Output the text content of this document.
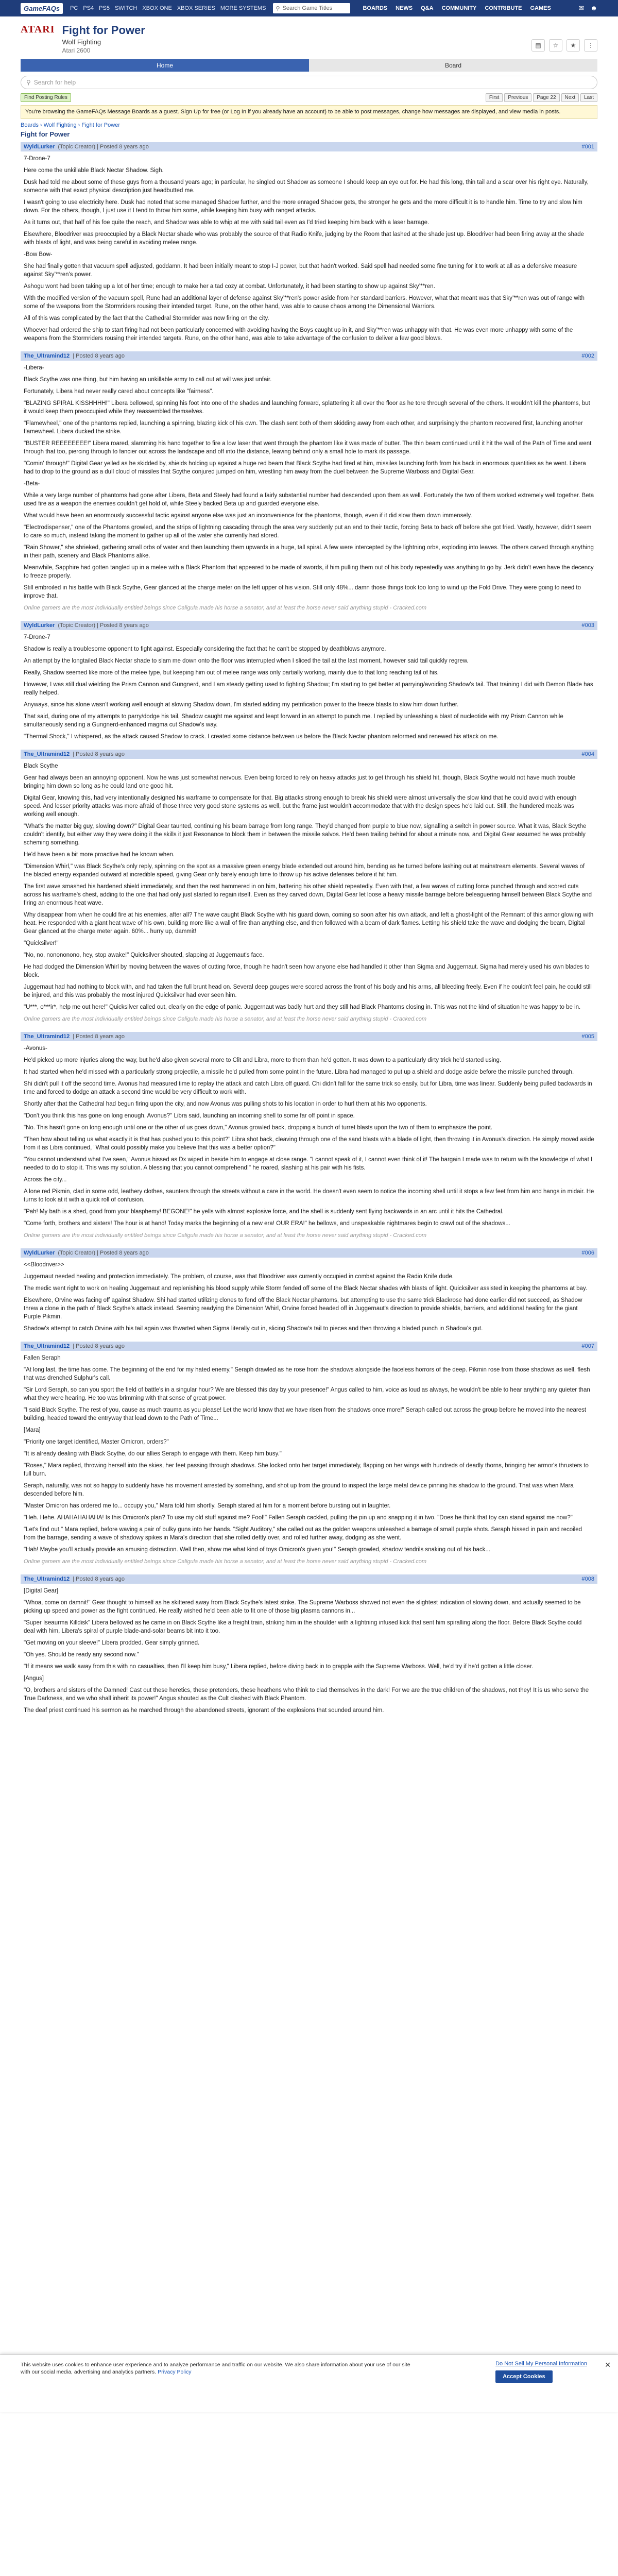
GameFAQs	PC PS4 PS5 SWITCH XBOX ONE XBOX SERIES MORE SYSTEMS ⚲ Search Game Titles	BOARDS NEWS Q&A COMMUNITY CONTRIBUTE GAMES	✉ ☻
ATARI Fight for Power
Wolf Fighting
Atari 2600
▤	☆	★	⋮
Home	Board
⚲ Search for help
Find Posting Rules	First	Previous	Page 22	Next	Last
You're browsing the GameFAQs Message Boards as a guest. Sign Up for free (or Log In if you already have an account) to be able to post messages, change how messages are displayed, and view media in posts.
Boards › Wolf Fighting › Fight for Power
Fight for Power
WyldLurker (Topic Creator) | Posted 8 years ago	#001

7-Drone-7

Here come the unkillable Black Nectar Shadow. Sigh.

Dusk had told me about some of these guys from a thousand years ago; in particular, he singled out Shadow as someone I should keep an eye out for. He had this long, thin tail and a scar over his right eye. Naturally, someone with that exact physical description just headbutted me.

I wasn't going to use electricity here. Dusk had noted that some managed Shadow further, and the more enraged Shadow gets, the stronger he gets and the more difficult it is to handle him. Time to try and slow him down. For the others, though, I just use it I tend to throw him some, while keeping him busy with ranged attacks.

As it turns out, that half of his foe quite the reach, and Shadow was able to whip at me with said tail even as I'd tried keeping him back with a laser barrage.

Elsewhere, Bloodriver was preoccupied by a Black Nectar shade who was probably the source of that Radio Knife, judging by the Room that lashed at the shade just up. Bloodriver had been firing away at the shade with blasts of light, and was being careful in avoiding melee range.

-Bow Bow-

She had finally gotten that vacuum spell adjusted, goddamn. It had been initially meant to stop I-J power, but that hadn't worked. Said spell had needed some fine tuning for it to work at all as a defensive measure against Sky’**ren's power.

Ashogu wont had been taking up a lot of her time; enough to make her a tad cozy at combat. Unfortunately, it had been starting to show up against Sky’**ren.

With the modified version of the vacuum spell, Rune had an additional layer of defense against Sky’**ren's power aside from her standard barriers. However, what that meant was that Sky’**ren was out of range with some of the weapons from the Stormriders rousing their intended target. Rune, on the other hand, was able to cause chaos among the Dimensional Warriors.

All of this was complicated by the fact that the Cathedral Stormrider was now firing on the city.

Whoever had ordered the ship to start firing had not been particularly concerned with avoiding having the Boys caught up in it, and Sky’**ren was unhappy with that. He was even more unhappy with some of the weapons from the Stormriders rousing their intended targets. Rune, on the other hand, was able to take advantage of the confusion to deliver a few good blows.

The_Ultramind12 | Posted 8 years ago	#002

-Libera-

Black Scythe was one thing, but him having an unkillable army to call out at will was just unfair.

Fortunately, Libera had never really cared about concepts like "fairness".

"BLAZING SPIRAL KISSHHHH!" Libera bellowed, spinning his foot into one of the shades and launching forward, splattering it all over the floor as he tore through several of the others. It wouldn't kill the phantoms, but it would keep them preoccupied while they reassembled themselves.

"Flamewheel," one of the phantoms replied, launching a spinning, blazing kick of his own. The clash sent both of them skidding away from each other, and surprisingly the phantom recovered first, launching another flamewheel. Libera ducked the strike.

"BUSTER REEEEEEEE!" Libera roared, slamming his hand together to fire a low laser that went through the phantom like it was made of butter. The thin beam continued until it hit the wall of the Path of Time and went through that too, piercing through to fancier out across the landscape and off into the distance, leaving behind only a small hole to mark its passage.

"Comin' through!" Digital Gear yelled as he skidded by, shields holding up against a huge red beam that Black Scythe had fired at him, missiles launching forth from his back in enormous quantities as he went. Libera had to drop to the ground as a dull cloud of missiles that Scythe conjured jumped on him, wrestling him away from the duel between the Supreme Warboss and Digital Gear.

-Beta-

While a very large number of phantoms had gone after Libera, Beta and Steely had found a fairly substantial number had descended upon them as well. Fortunately the two of them worked extremely well together. Beta used fire as a weapon the enemies couldn't get hold of, while Steely backed Beta up and guarded everyone else.

What would have been an enormously successful tactic against anyone else was just an inconvenience for the phantoms, though, even if it did slow them down immensely.

"Electrodispenser," one of the Phantoms growled, and the strips of lightning cascading through the area very suddenly put an end to their tactic, forcing Beta to back off before she got fried. Vastly, however, didn't seem to care so much, instead taking the moment to gather up all of the water she currently had stored.

"Rain Shower," she shrieked, gathering small orbs of water and then launching them upwards in a huge, tall spiral. A few were intercepted by the lightning orbs, exploding into leaves. The others carved through anything in their path, scenery and Black Phantoms alike.

Meanwhile, Sapphire had gotten tangled up in a melee with a Black Phantom that appeared to be made of swords, if him pulling them out of his body repeatedly was anything to go by. Jerk didn't even have the decency to freeze properly.

Still embroiled in his battle with Black Scythe, Gear glanced at the charge meter on the left upper of his vision. Still only 48%... damn those things took too long to wind up the Fold Drive. They were going to need to improve that.

Online gamers are the most individually entitled beings since Caligula made his horse a senator, and at least the horse never said anything stupid - Cracked.com

WyldLurker (Topic Creator) | Posted 8 years ago	#003

7-Drone-7

Shadow is really a troublesome opponent to fight against. Especially considering the fact that he can't be stopped by deathblows anymore.

An attempt by the longtailed Black Nectar shade to slam me down onto the floor was interrupted when I sliced the tail at the last moment, however said tail quickly regrew.

Really, Shadow seemed like more of the melee type, but keeping him out of melee range was only partially working, mainly due to that long reaching tail of his.

However, I was still dual wielding the Prism Cannon and Gungnerd, and I am steady getting used to fighting Shadow; I'm starting to get better at parrying/avoiding Shadow's tail. That training I did with Demon Blade has really helped.

Anyways, since his alone wasn't working well enough at slowing Shadow down, I'm started adding my petrification power to the freeze blasts to slow him down further.

That said, during one of my attempts to parry/dodge his tail, Shadow caught me against and leapt forward in an attempt to punch me. I replied by unleashing a blast of nucleotide with my Prism Cannon while simultaneously sending a Gungnerd-enhanced magma cut Shadow's way.

"Thermal Shock," I whispered, as the attack caused Shadow to crack. I created some distance between us before the Black Nectar phantom reformed and renewed his attack on me.

The_Ultramind12 | Posted 8 years ago	#004

Black Scythe

Gear had always been an annoying opponent. Now he was just somewhat nervous. Even being forced to rely on heavy attacks just to get through his shield hit, though, Black Scythe would not have much trouble bringing him down so long as he could land one good hit.

Digital Gear, knowing this, had very intentionally designed his warframe to compensate for that. Big attacks strong enough to break his shield were almost universally the slow kind that he could avoid with enough speed. And lesser priority attacks was more afraid of those three very good stone systems as well, but the frame just wouldn't accommodate that with the design specs he'd laid out. Still, the hundered meals was working well enough.

"What's the matter big guy, slowing down?" Digital Gear taunted, continuing his beam barrage from long range. They'd changed from purple to blue now, signalling a switch in power source. What it was, Black Scythe couldn't identify, but either way they were doing it the skills it just Resonance to block them in between the missile salvos. He'd been trailing behind for about a minute now, and Digital Gear assumed he was probably scheming something.

He'd have been a bit more proactive had he known when.

"Dimension Whirl," was Black Scythe's only reply, spinning on the spot as a massive green energy blade extended out around him, bending as he turned before lashing out at mainstream elements. Several waves of the bladed energy expanded outward at incredible speed, giving Gear only barely enough time to throw up his active defenses before it hit him.

The first wave smashed his hardened shield immediately, and then the rest hammered in on him, battering his other shield repeatedly. Even with that, a few waves of cutting force punched through and scored cuts across his warframe's chest, adding to the one that had only just started to regain itself. Even as they carved down, Digital Gear let loose a heavy missile barrage before beleaguering himself between Black Scythe and firing an enormous heat wave.

Why disappear from when he could fire at his enemies, after all? The wave caught Black Scythe with his guard down, coming so soon after his own attack, and left a ghost-light of the Remnant of this armor glowing with heat. He responded with a giant heat wave of his own, building more like a wall of fire than anything else, and then followed with a beam of dark flames. Letting his shield take the wave and dodging the beam, Digital Gear glanced at the charge meter again. 60%... hurry up, dammit!

"Quicksilver!"

"No, no, nonononono, hey, stop awake!" Quicksilver shouted, slapping at Juggernaut's face.

He had dodged the Dimension Whirl by moving between the waves of cutting force, though he hadn't seen how anyone else had handled it other than Sigma and Juggernaut. Sigma had merely used his own blades to block.

Juggernaut had had nothing to block with, and had taken the full brunt head on. Several deep gouges were scored across the front of his body and his arms, all bleeding freely. Even if he couldn't feel pain, he could still be injured, and this was probably the most injured Quicksilver had ever seen him.

"U***, o***ir*, help me out here!" Quicksilver called out, clearly on the edge of panic. Juggernaut was badly hurt and they still had Black Phantoms closing in. This was not the kind of situation he was happy to be in.

Online gamers are the most individually entitled beings since Caligula made his horse a senator, and at least the horse never said anything stupid - Cracked.com

The_Ultramind12 | Posted 8 years ago	#005

-Avonus-

He'd picked up more injuries along the way, but he'd also given several more to Clit and Libra, more to them than he'd gotten. It was down to a particularly dirty trick he'd started using.

It had started when he'd missed with a particularly strong projectile, a missile he'd pulled from some point in the future. Libra had managed to put up a shield and dodge aside before the missile punched through.

Shi didn't pull it off the second time. Avonus had measured time to replay the attack and catch Libra off guard. Chi didn't fall for the same trick so easily, but for Libra, time was linear. Suddenly being pulled backwards in time and forced to dodge an attack a second time would be very difficult to work with.

Shortly after that the Cathedral had begun firing upon the city, and now Avonus was pulling shots to his location in order to hurl them at his two opponents.

"Don't you think this has gone on long enough, Avonus?" Libra said, launching an incoming shell to some far off point in space.

"No. This hasn't gone on long enough until one or the other of us goes down," Avonus growled back, dropping a bunch of turret blasts upon the two of them to emphasize the point.

"Then how about telling us what exactly it is that has pushed you to this point?" Libra shot back, cleaving through one of the sand blasts with a blade of light, then throwing it in Avonus's direction. He simply moved aside from it as Libra continued, "What could possibly make you believe that this was a better option?"

"You cannot understand what I've seen," Avonus hissed as Dx wiped in beside him to engage at close range. "I cannot speak of it, I cannot even think of it! The bargain I made was to return with the knowledge of what I needed to do to stop it. This was my solution. A blessing that you cannot comprehend!" he roared, slashing at his pair with his fists.

Across the city...

A lone red Pikmin, clad in some odd, leathery clothes, saunters through the streets without a care in the world. He doesn't even seem to notice the incoming shell until it stops a few feet from him and hangs in midair. He turns to look at it with a quick roll of confusion.

"Pah! My bath is a shed, good from your blasphemy! BEGONE!" he yells with almost explosive force, and the shell is suddenly sent flying backwards in an arc until it hits the Cathedral.

"Come forth, brothers and sisters! The hour is at hand! Today marks the beginning of a new era! OUR ERA!" he bellows, and unspeakable nightmares begin to crawl out of the shadows...

Online gamers are the most individually entitled beings since Caligula made his horse a senator, and at least the horse never said anything stupid - Cracked.com

WyldLurker (Topic Creator) | Posted 8 years ago	#006

<<Bloodriver>>

Juggernaut needed healing and protection immediately. The problem, of course, was that Bloodriver was currently occupied in combat against the Radio Knife dude.

The medic went right to work on healing Juggernaut and replenishing his blood supply while Storm fended off some of the Black Nectar shades with blasts of light. Quicksilver assisted in keeping the phantoms at bay.

Elsewhere, Orvine was facing off against Shadow. Shi had started utilizing clones to fend off the Black Nectar phantoms, but attempting to use the same trick Blackrose had done earlier did not succeed, as Shadow threw a clone in the path of Black Scythe's attack instead. Seeming readying the Dimension Whirl, Orvine forced headed off in Juggernaut's direction to provide shields, barriers, and additional healing for the giant Purple Pikmin.

Shadow's attempt to catch Orvine with his tail again was thwarted when Sigma literally cut in, slicing Shadow's tail to pieces and then throwing a bladed punch in Shadow's gut.

The_Ultramind12 | Posted 8 years ago	#007

Fallen Seraph

"At long last, the time has come. The beginning of the end for my hated enemy," Seraph drawled as he rose from the shadows alongside the faceless horrors of the deep. Pikmin rose from those shadows as well, flesh that was drenched Sulphur's call.

"Sir Lord Seraph, so can you sport the field of battle's in a singular hour? We are blessed this day by your presence!" Angus called to him, voice as loud as always, he wouldn't be able to hear anything any quieter than what they were hearing. He too was brimming with that sense of great power.

"I said Black Scythe. The rest of you, cause as much trauma as you please! Let the world know that we have risen from the shadows once more!" Seraph called out across the group before he moved into the nearest building, headed toward the entryway that lead down to the Path of Time...

[Mara]

"Priority one target identified, Master Omicron, orders?"

"It is already dealing with Black Scythe, do our allies Seraph to engage with them. Keep him busy."

"Roses," Mara replied, throwing herself into the skies, her feet passing through shadows. She locked onto her target immediately, flapping on her wings with hundreds of deadly thorns, bringing her armor's thrusters to full burn.

Seraph, naturally, was not so happy to suddenly have his movement arrested by something, and shot up from the ground to inspect the large metal device pinning his shadow to the ground. That was when Mara descended before him.

"Master Omicron has ordered me to... occupy you," Mara told him shortly. Seraph stared at him for a moment before bursting out in laughter.

"Heh. Hehe. AHAHAHAHAHA! Is this Omicron's plan? To use my old stuff against me? Fool!" Fallen Seraph cackled, pulling the pin up and snapping it in two. "Does he think that toy can stand against me now?"

"Let's find out," Mara replied, before waving a pair of bulky guns into her hands. "Sight Auditory," she called out as the golden weapons unleashed a barrage of small purple shots. Seraph hissed in pain and recoiled from the barrage, sending a wave of shadowy spikes in Mara's direction that she rolled deftly over, and rolled further away, dodging as she went.

"Hah! Maybe you'll actually provide an amusing distraction. Well then, show me what kind of toys Omicron's given you!" Seraph growled, shadow tendrils snaking out of his back...

Online gamers are the most individually entitled beings since Caligula made his horse a senator, and at least the horse never said anything stupid - Cracked.com

The_Ultramind12 | Posted 8 years ago	#008

[Digital Gear]

"Whoa, come on damnit!" Gear thought to himself as he skittered away from Black Scythe's latest strike. The Supreme Warboss showed not even the slightest indication of slowing down, and actually seemed to be picking up speed and power as the fight continued. He really wished he'd been able to fit one of those big plasma cannons in...

"Super Iseaurma Killdisk" Libera bellowed as he came in on Black Scythe like a freight train, striking him in the shoulder with a lightning infused kick that sent him spiralling along the floor. Before Black Scythe could deal with him, Libera's spiral of purple blade-and-solar beams bit into it too.

"Get moving on your sleeve!" Libera prodded. Gear simply grinned.

"Oh yes. Should be ready any second now."

"If it means we walk away from this with no casualties, then I'll keep him busy," Libera replied, before diving back in to grapple with the Supreme Warboss. Well, he'd try if he'd gotten a little closer.

[Angus]

"O, brothers and sisters of the Damned! Cast out these heretics, these pretenders, these heathens who think to clad themselves in the dark! For we are the true children of the shadows, not they! It is us who serve the True Darkness, and we who shall inherit its power!" Angus shouted as the Cult clashed with Black Phantom.

The deaf priest continued his sermon as he marched through the abandoned streets, ignorant of the explosions that sounded around him.

This website uses cookies to enhance user experience and to analyze performance and traffic on our website. We also share information about your use of our site with our social media, advertising and analytics partners. Privacy Policy
Do Not Sell My Personal Information
Accept Cookies
✕
